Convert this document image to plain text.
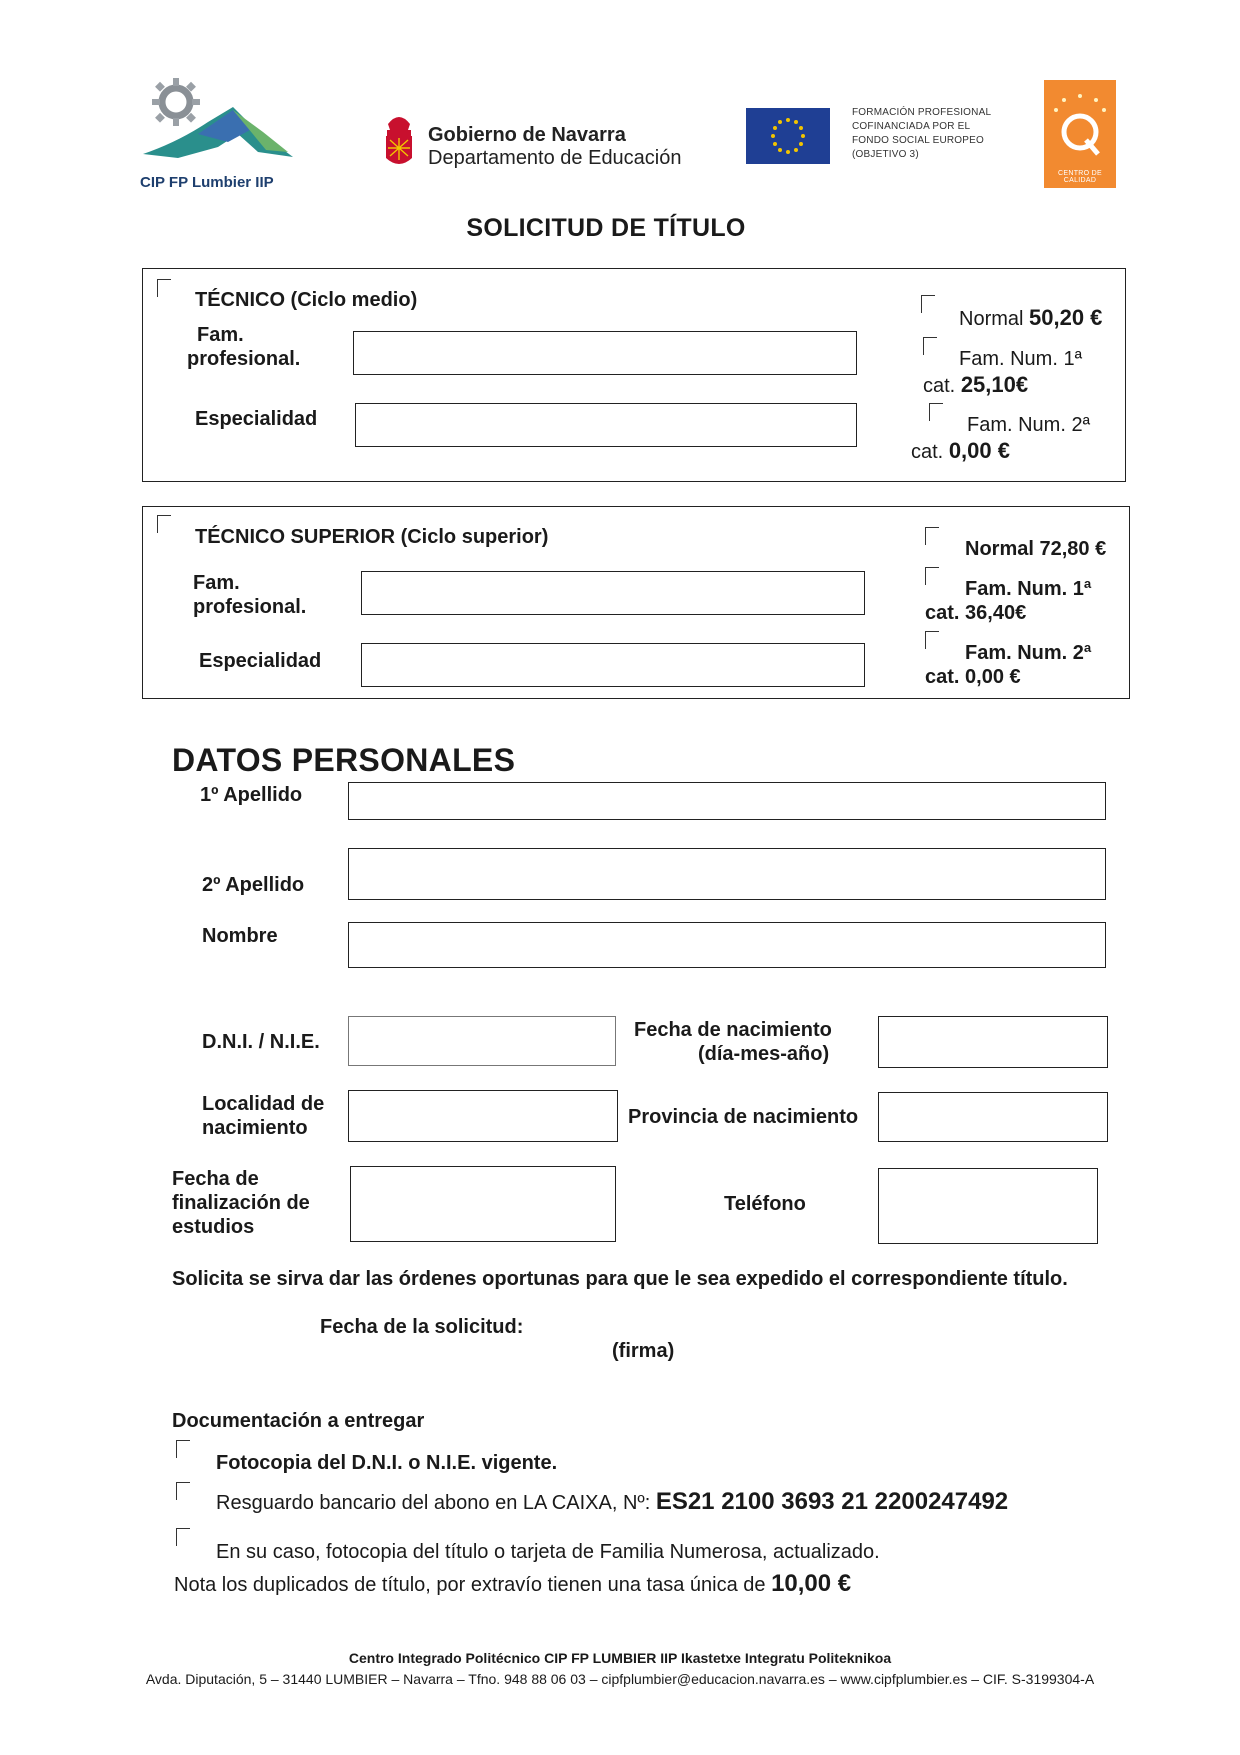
CIP FP Lumbier IIP
Gobierno de Navarra
Departamento de Educación
FORMACIÓN PROFESIONAL
COFINANCIADA POR EL
FONDO SOCIAL EUROPEO
(OBJETIVO 3)
CENTRO DE CALIDAD
SOLICITUD DE TÍTULO
TÉCNICO (Ciclo medio)
Fam.
profesional.
Especialidad
Normal 50,20 €
Fam. Num. 1ª
cat. 25,10€
Fam. Num. 2ª
cat. 0,00 €
TÉCNICO SUPERIOR (Ciclo superior)
Fam.
profesional.
Especialidad
Normal 72,80 €
Fam. Num. 1ª
cat. 36,40€
Fam. Num. 2ª
cat. 0,00 €
DATOS PERSONALES
1º Apellido
2º Apellido
Nombre
D.N.I. / N.I.E.
Fecha de nacimiento
(día-mes-año)
Localidad de
nacimiento	Provincia de nacimiento
Fecha de
finalización de
estudios
Teléfono
Solicita se sirva dar las órdenes oportunas para que le sea expedido el correspondiente título.
Fecha de la solicitud:
(firma)
Documentación a entregar
Fotocopia del D.N.I. o N.I.E. vigente.
Resguardo bancario del abono en LA CAIXA, Nº: ES21 2100 3693 21 2200247492
En su caso, fotocopia del título o tarjeta de Familia Numerosa, actualizado.
Nota los duplicados de título, por extravío tienen una tasa única de 10,00 €
Centro Integrado Politécnico CIP FP LUMBIER IIP Ikastetxe Integratu Politeknikoa
Avda. Diputación, 5 – 31440 LUMBIER – Navarra – Tfno. 948 88 06 03 – cipfplumbier@educacion.navarra.es – www.cipfplumbier.es – CIF. S-3199304-A
